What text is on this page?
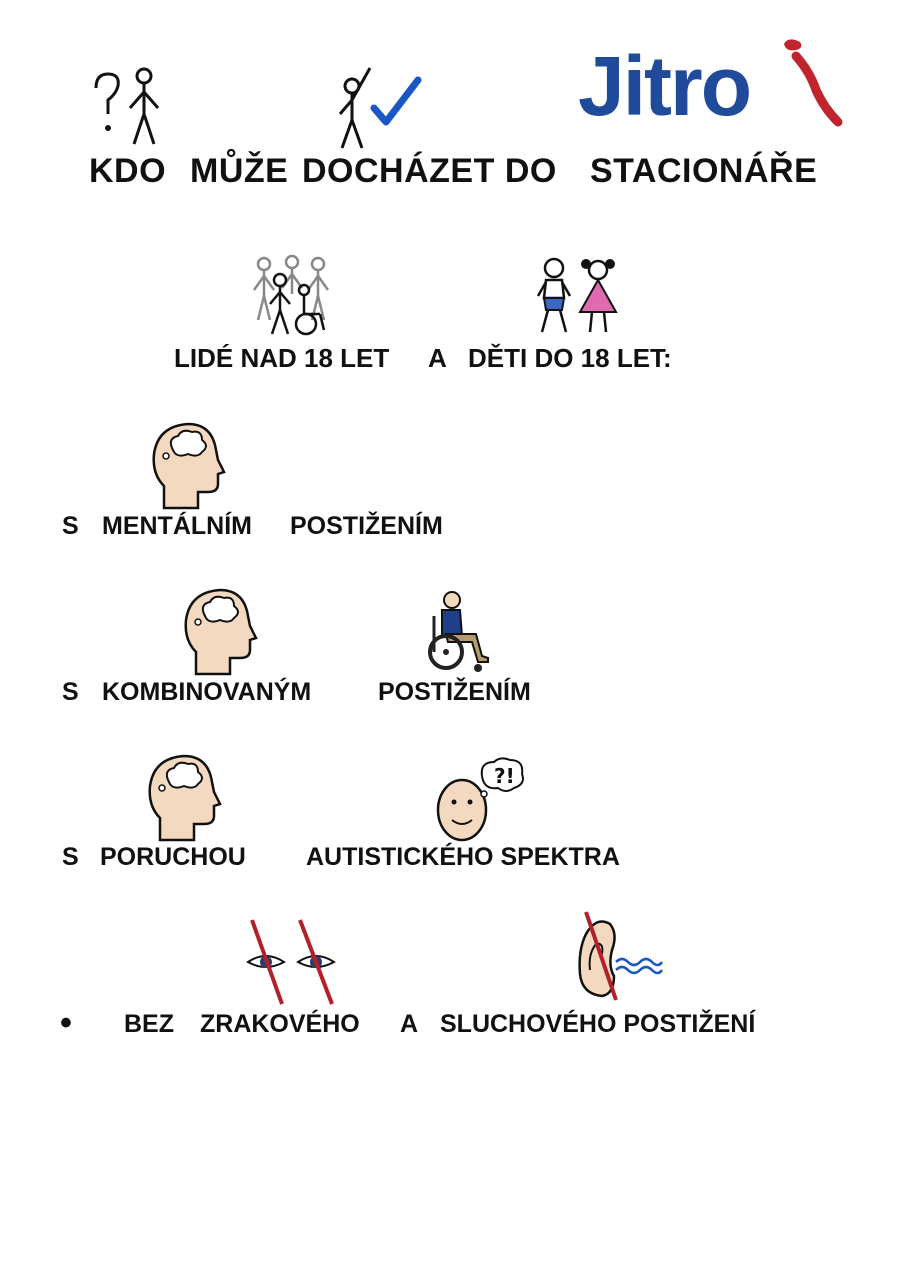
Jitro
KDO MŮŽE DOCHÁZET DO STACIONÁŘE
LIDÉ NAD 18 LET A DĚTI DO 18 LET:
S MENTÁLNÍM POSTIŽENÍM
S KOMBINOVANÝM	POSTIŽENÍM
?!
S PORUCHOU AUTISTICKÉHO SPEKTRA
• BEZ ZRAKOVÉHO A SLUCHOVÉHO POSTIŽENÍ
